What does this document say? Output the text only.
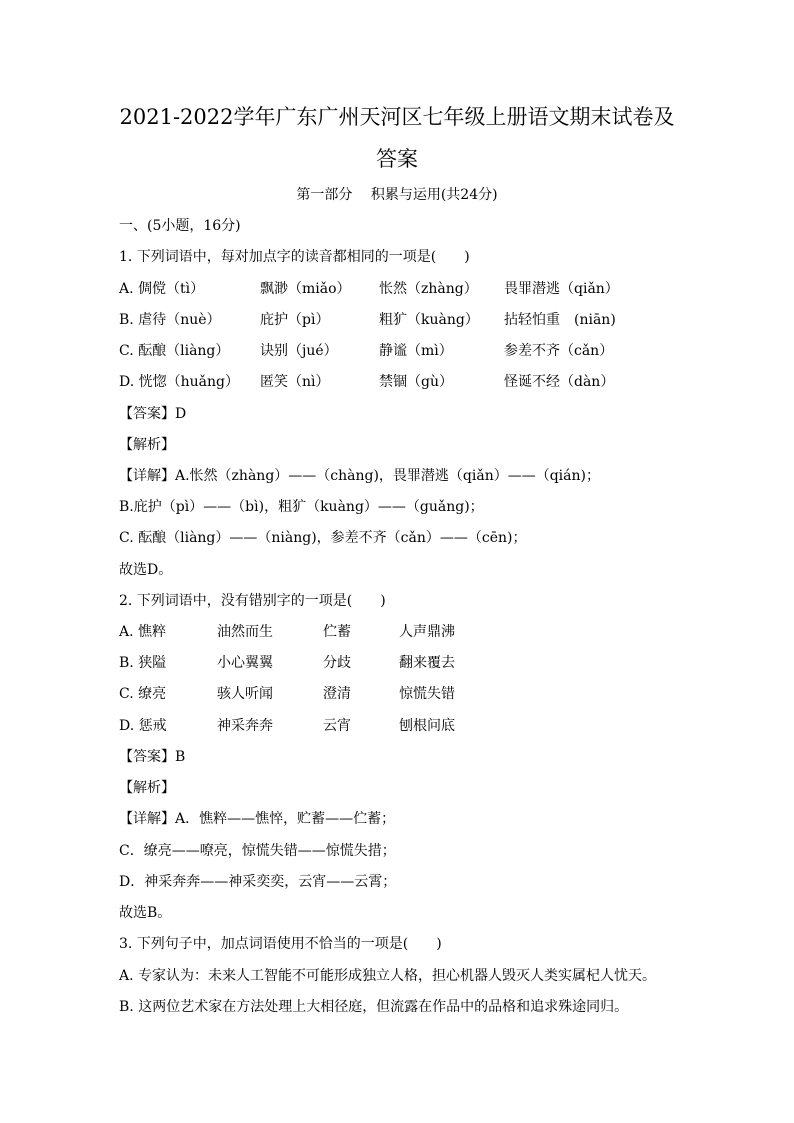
2021-2022学年广东广州天河区七年级上册语文期末试卷及
答案
第一部分　 积累与运用(共24分)
一、(5小题，16分)
1. 下列词语中，每对加点字的读音都相同的一项是(　　)
A. 倜傥（tì）	飘渺（miǎo） 怅然（zhàng） 畏罪潜逃（qiǎn）
B. 虐待（nuè）	庇护（pì）	粗犷（kuàng） 拈轻怕重　(niān)
C. 酝酿（liàng） 诀别（jué）	静谧（mì）	参差不齐（cǎn）
D. 恍惚（huǎng） 匿笑（nì）	禁锢（gù）	怪诞不经（dàn）
【答案】D
【解析】
【详解】A.怅然（zhàng）——（chàng)，畏罪潜逃（qiǎn）——（qián)；
B.庇护（pì）——（bì)，粗犷（kuàng）——（guǎng)；
C. 酝酿（liàng）——（niàng)，参差不齐（cǎn）——（cēn)；
故选D。
2. 下列词语中，没有错别字的一项是(　　)
A. 憔粹	油然而生	伫蓄	人声鼎沸
B. 狭隘	小心翼翼	分歧	翻来覆去
C. 缭亮	骇人听闻	澄清	惊慌失错
D. 惩戒	神采奔奔	云宵	刨根问底
【答案】B
【解析】
【详解】A．憔粹——憔悴，贮蓄——伫蓄；
C．缭亮——嘹亮，惊慌失错——惊慌失措；
D．神采奔奔——神采奕奕，云宵——云霄；
故选B。
3. 下列句子中，加点词语使用不恰当的一项是(　　)
A. 专家认为：未来人工智能不可能形成独立人格，担心机器人毁灭人类实属杞人忧天。
B. 这两位艺术家在方法处理上大相径庭，但流露在作品中的品格和追求殊途同归。
